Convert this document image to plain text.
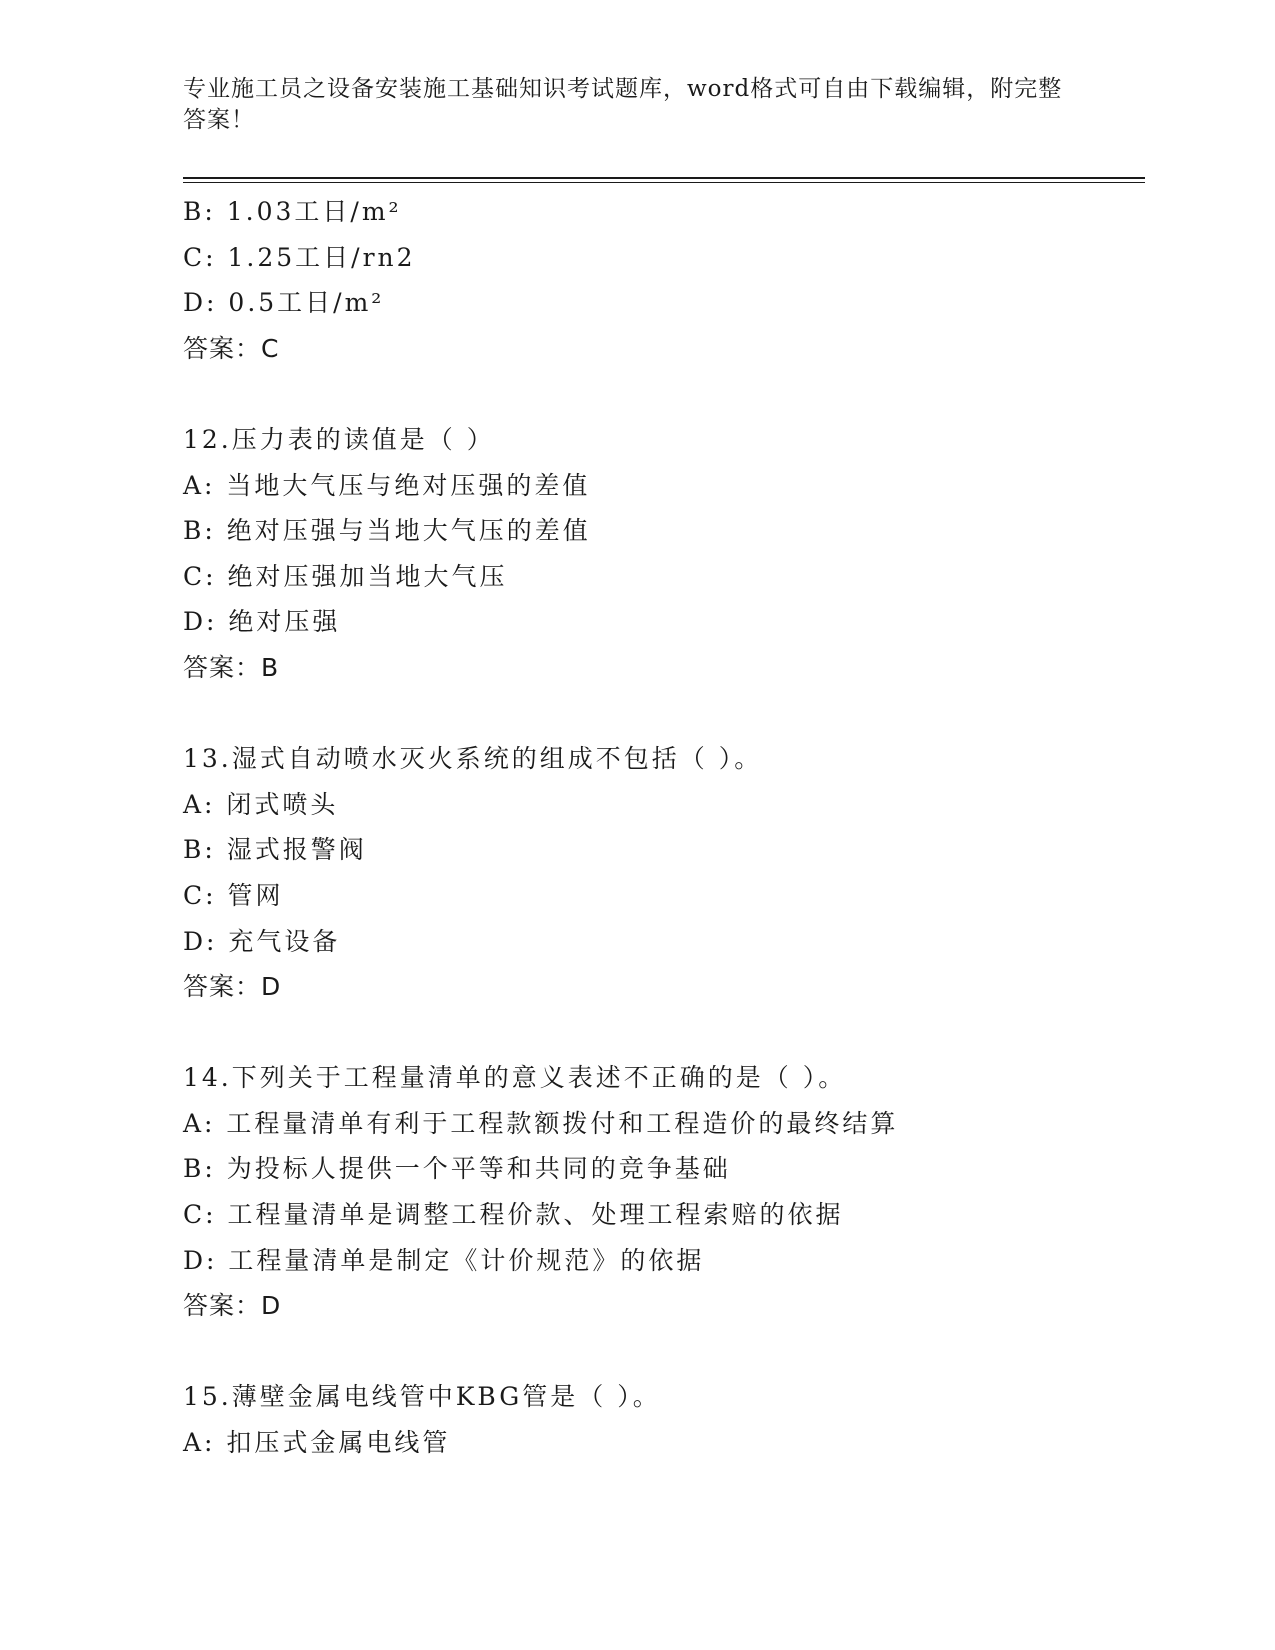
专业施工员之设备安装施工基础知识考试题库，word格式可自由下载编辑，附完整答案！
B: 1.03工日/m²
C: 1.25工日/rn2
D: 0.5工日/m²
答案：C
12.压力表的读值是（ ）
A: 当地大气压与绝对压强的差值
B: 绝对压强与当地大气压的差值
C: 绝对压强加当地大气压
D: 绝对压强
答案：B
13.湿式自动喷水灭火系统的组成不包括（ ）。
A: 闭式喷头
B: 湿式报警阀
C: 管网
D: 充气设备
答案：D
14.下列关于工程量清单的意义表述不正确的是（ ）。
A: 工程量清单有利于工程款额拨付和工程造价的最终结算
B: 为投标人提供一个平等和共同的竞争基础
C: 工程量清单是调整工程价款、处理工程索赔的依据
D: 工程量清单是制定《计价规范》的依据
答案：D
15.薄壁金属电线管中KBG管是（ ）。
A: 扣压式金属电线管
